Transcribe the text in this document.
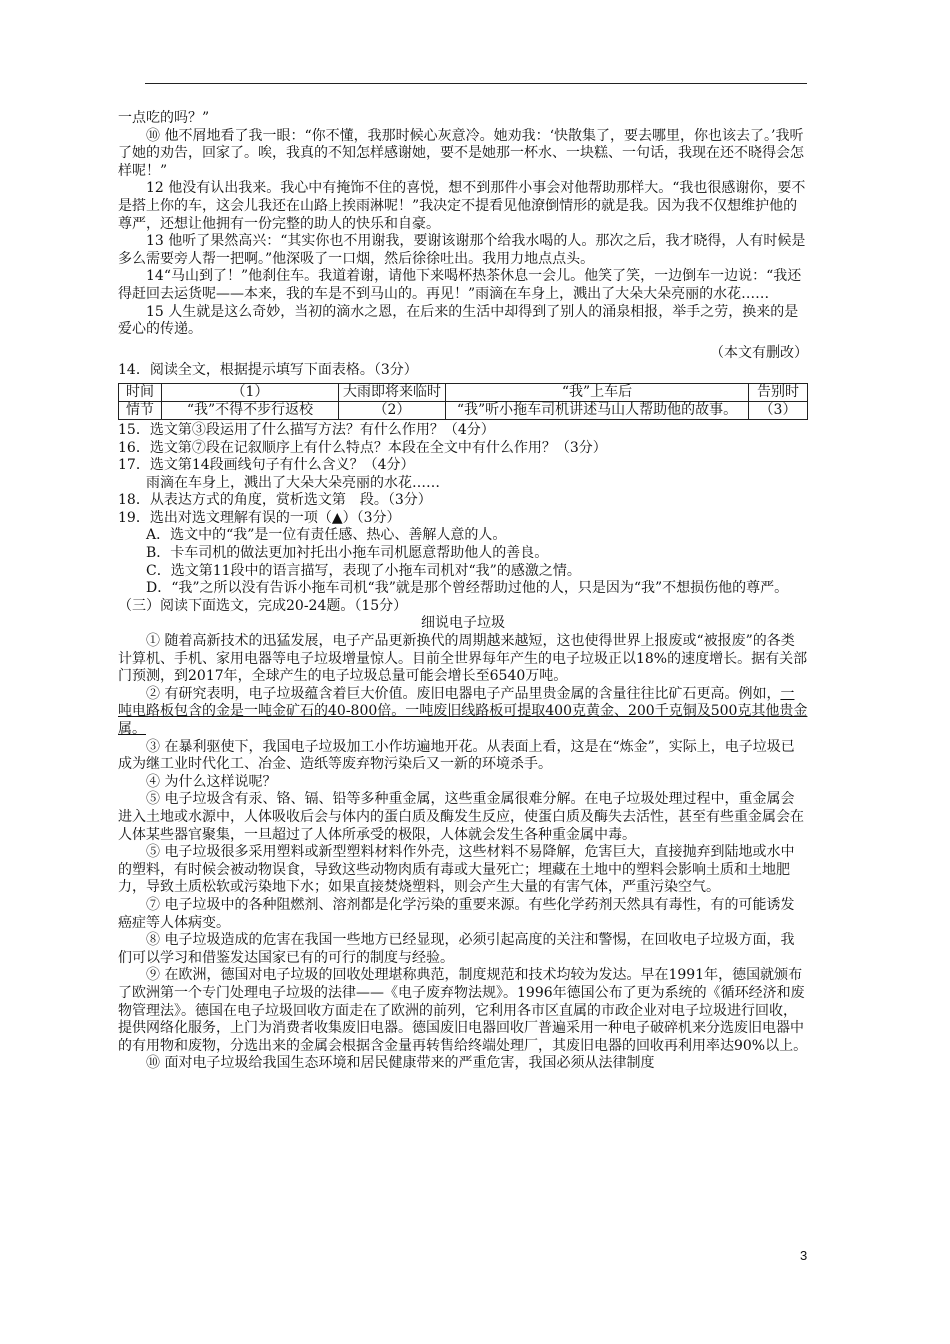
一点吃的吗？”

⑩ 他不屑地看了我一眼：“你不懂，我那时候心灰意冷。她劝我：‘快散集了，要去哪里，你也该去了。’我听了她的劝告，回家了。唉，我真的不知怎样感谢她，要不是她那一杯水、一块糕、一句话，我现在还不晓得会怎样呢！”

12 他没有认出我来。我心中有掩饰不住的喜悦，想不到那件小事会对他帮助那样大。“我也很感谢你，要不是搭上你的车，这会儿我还在山路上挨雨淋呢！”我决定不提看见他潦倒情形的就是我。因为我不仅想维护他的尊严，还想让他拥有一份完整的助人的快乐和自豪。

13 他听了果然高兴：“其实你也不用谢我，要谢该谢那个给我水喝的人。那次之后，我才晓得，人有时候是多么需要旁人帮一把啊。”他深吸了一口烟，然后徐徐吐出。我用力地点点头。

14“马山到了！”他刹住车。我道着谢，请他下来喝杯热茶休息一会儿。他笑了笑，一边倒车一边说：“我还得赶回去运货呢——本来，我的车是不到马山的。再见！”雨滴在车身上，溅出了大朵大朵亮丽的水花……

15 人生就是这么奇妙，当初的滴水之恩，在后来的生活中却得到了别人的涌泉相报，举手之劳，换来的是爱心的传递。

（本文有删改）

14．阅读全文，根据提示填写下面表格。（3分）

时间	（1）	大雨即将来临时	“我”上车后	告别时
情节	“我”不得不步行返校	（2）	“我”听小拖车司机讲述马山人帮助他的故事。	（3）

15．选文第③段运用了什么描写方法？有什么作用？（4分）

16．选文第⑦段在记叙顺序上有什么特点？本段在全文中有什么作用？（3分）

17．选文第14段画线句子有什么含义？（4分）

雨滴在车身上，溅出了大朵大朵亮丽的水花……

18．从表达方式的角度，赏析选文第　段。（3分）

19．选出对选文理解有误的一项（▲）（3分）

A．选文中的“我”是一位有责任感、热心、善解人意的人。

B．卡车司机的做法更加衬托出小拖车司机愿意帮助他人的善良。

C．选文第11段中的语言描写，表现了小拖车司机对“我”的感激之情。

D．“我”之所以没有告诉小拖车司机“我”就是那个曾经帮助过他的人，只是因为“我”不想损伤他的尊严。

（三）阅读下面选文，完成20-24题。（15分）

细说电子垃圾

① 随着高新技术的迅猛发展，电子产品更新换代的周期越来越短，这也使得世界上报废或“被报废”的各类计算机、手机、家用电器等电子垃圾增量惊人。目前全世界每年产生的电子垃圾正以18%的速度增长。据有关部门预测，到2017年，全球产生的电子垃圾总量可能会增长至6540万吨。

② 有研究表明，电子垃圾蕴含着巨大价值。废旧电器电子产品里贵金属的含量往往比矿石更高。例如，一吨电路板包含的金是一吨金矿石的40-800倍。一吨废旧线路板可提取400克黄金、200千克铜及500克其他贵金属。

③ 在暴利驱使下，我国电子垃圾加工小作坊遍地开花。从表面上看，这是在“炼金”，实际上，电子垃圾已成为继工业时代化工、冶金、造纸等废弃物污染后又一新的环境杀手。

④ 为什么这样说呢？

⑤ 电子垃圾含有汞、铬、镉、铅等多种重金属，这些重金属很难分解。在电子垃圾处理过程中，重金属会进入土地或水源中，人体吸收后会与体内的蛋白质及酶发生反应，使蛋白质及酶失去活性，甚至有些重金属会在人体某些器官聚集，一旦超过了人体所承受的极限，人体就会发生各种重金属中毒。

⑤ 电子垃圾很多采用塑料或新型塑料材料作外壳，这些材料不易降解，危害巨大，直接抛弃到陆地或水中的塑料，有时候会被动物误食，导致这些动物肉质有毒或大量死亡；埋藏在土地中的塑料会影响土质和土地肥力，导致土质松软或污染地下水；如果直接焚烧塑料，则会产生大量的有害气体，严重污染空气。

⑦ 电子垃圾中的各种阻燃剂、溶剂都是化学污染的重要来源。有些化学药剂天然具有毒性，有的可能诱发癌症等人体病变。

⑧ 电子垃圾造成的危害在我国一些地方已经显现，必须引起高度的关注和警惕，在回收电子垃圾方面，我们可以学习和借鉴发达国家已有的可行的制度与经验。

⑨ 在欧洲，德国对电子垃圾的回收处理堪称典范，制度规范和技术均较为发达。早在1991年，德国就颁布了欧洲第一个专门处理电子垃圾的法律——《电子废弃物法规》。1996年德国公布了更为系统的《循环经济和废物管理法》。德国在电子垃圾回收方面走在了欧洲的前列，它利用各市区直属的市政企业对电子垃圾进行回收，提供网络化服务，上门为消费者收集废旧电器。德国废旧电器回收厂普遍采用一种电子破碎机来分选废旧电器中的有用物和废物，分选出来的金属会根据含金量再转售给终端处理厂，其废旧电器的回收再利用率达90%以上。

⑩ 面对电子垃圾给我国生态环境和居民健康带来的严重危害，我国必须从法律制度

3
